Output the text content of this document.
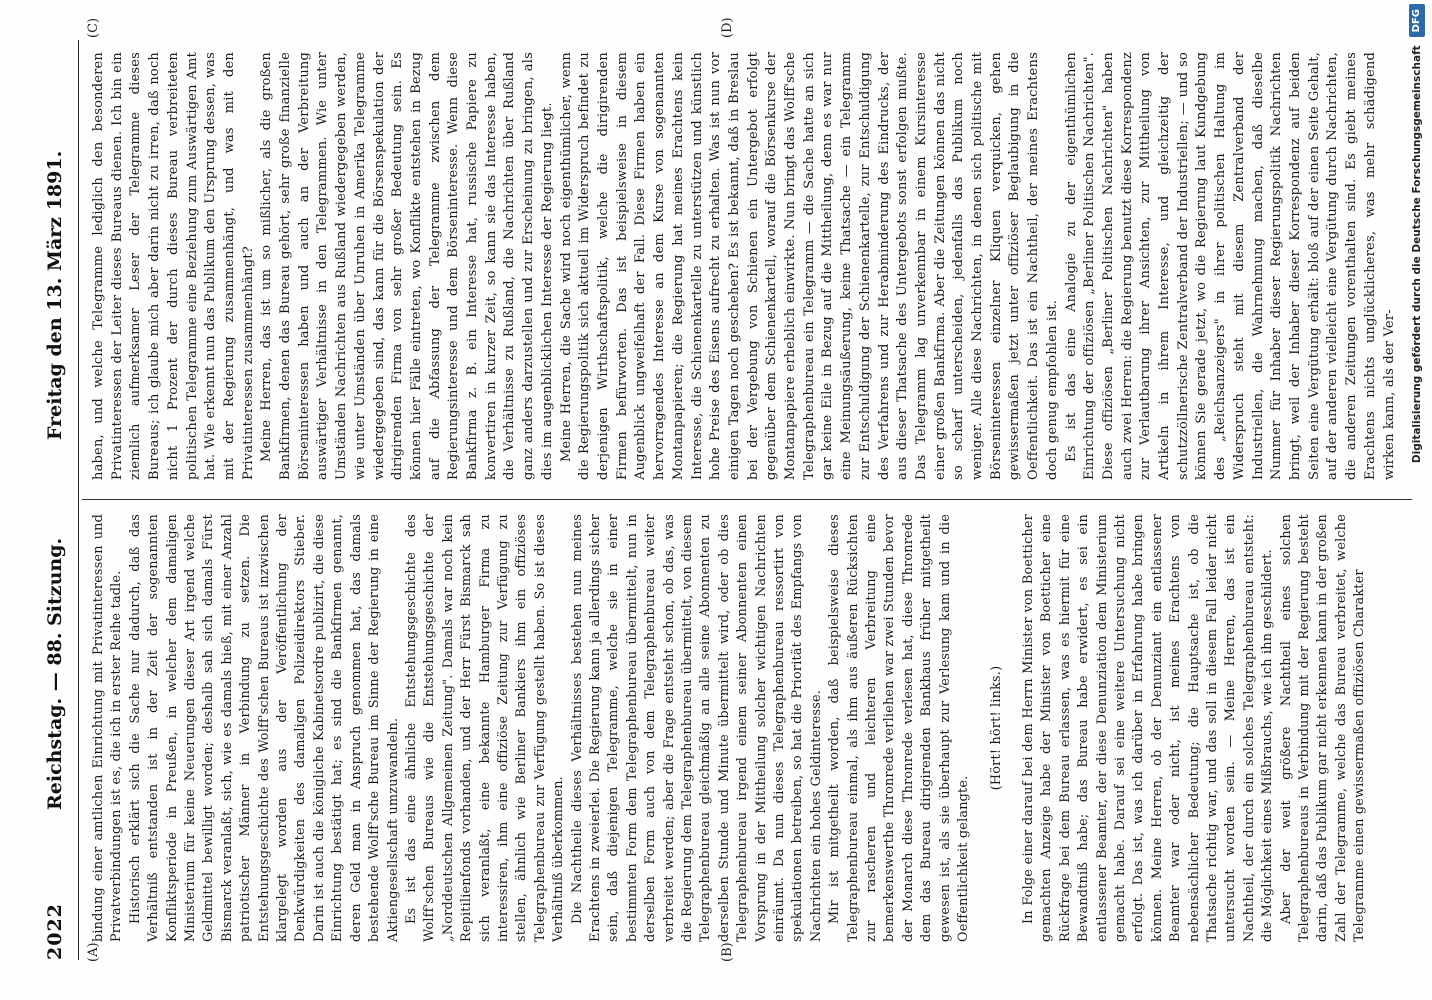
2022
Reichstag. — 88. Sitzung.
Freitag den 13. März 1891.
(A)	(B)
(C)	(D)

bindung einer amtlichen Einrichtung mit Privatinteressen und Privatverbindungen ist es, die ich in erster Reihe tadle. Historisch erklärt sich die Sache nur dadurch, daß das Verhältniß entstanden ist in der Zeit der sogenannten Konfliktsperiode in Preußen, in welcher dem damaligen Ministerium für keine Neuerungen dieser Art irgend welche Geldmittel bewilligt worden; deshalb sah sich damals Fürst Bismarck veranlaßt, sich, wie es damals hieß, mit einer Anzahl patriotischer Männer in Verbindung zu setzen. Die Entstehungsgeschichte des Wolff'schen Bureaus ist inzwischen klargelegt worden aus der Veröffentlichung der Denkwürdigkeiten des damaligen Polizeidirektors Stieber. Darin ist auch die königliche Kabinetsordre publizirt, die diese Einrichtung bestätigt hat; es sind die Bankfirmen genannt, deren Geld man in Anspruch genommen hat, das damals bestehende Wolff'sche Bureau im Sinne der Regierung in eine Aktiengesellschaft umzuwandeln. Es ist das eine ähnliche Entstehungsgeschichte des Wolff'schen Bureaus wie die Entstehungsgeschichte der „Norddeutschen Allgemeinen Zeitung". Damals war noch kein Repitilienfonds vorhanden, und der Herr Fürst Bismarck sah sich veranlaßt, eine bekannte Hamburger Firma zu interessiren, ihm eine offiziöse Zeitung zur Verfügung zu stellen, ähnlich wie Berliner Bankiers ihm ein offiziöses Telegraphenbureau zur Verfügung gestellt haben. So ist dieses Verhältniß überkommen. Die Nachtheile dieses Verhältnisses bestehen nun meines Erachtens in zweierlei. Die Regierung kann ja allerdings sicher sein, daß diejenigen Telegramme, welche sie in einer bestimmten Form dem Telegraphenbureau übermittelt, nun in derselben Form auch von dem Telegraphenbureau weiter verbreitet werden; aber die Frage entsteht schon, ob das, was die Regierung dem Telegraphenbureau übermittelt, von diesem Telegraphenbureau gleichmäßig an alle seine Abonnenten zu derselben Stunde und Minute übermittelt wird, oder ob dies Telegraphenbureau irgend einem seiner Abonnenten einen Vorsprung in der Mittheilung solcher wichtigen Nachrichten einräumt. Da nun dieses Telegraphenbureau ressortirt von spekulationen betreiben, so hat die Priorität des Empfangs von Nachrichten ein hohes Geldinteresse. Mir ist mitgetheilt worden, daß beispielsweise dieses Telegraphenbureau einmal, als ihm aus äußeren Rücksichten zur rascheren und leichteren Verbreitung eine bemerkenswerthe Thronrede verliehen war zwei Stunden bevor der Monarch diese Thronrede verlesen hat, diese Thronrede dem das Bureau dirigirenden Bankhaus früher mitgetheilt gewesen ist, als sie überhaupt zur Verlesung kam und in die Oeffentlichkeit gelangte.

(Hört! hört! links.) In Folge einer darauf bei dem Herrn Minister von Boetticher gemachten Anzeige habe der Minister von Boetticher eine Rückfrage bei dem Bureau erlassen, was es hiermit für eine Bewandtniß habe; das Bureau habe erwidert, es sei ein entlassener Beamter, der diese Denunziation dem Ministerium gemacht habe. Darauf sei eine weitere Untersuchung nicht erfolgt. Das ist, was ich darüber in Erfahrung habe bringen können. Meine Herren, ob der Denunziant ein entlassener Beamter war oder nicht, ist meines Erachtens von nebensächlicher Bedeutung; die Hauptsache ist, ob die Thatsache richtig war, und das soll in diesem Fall leider nicht untersucht worden sein. — Meine Herren, das ist ein Nachtheil, der durch ein solches Telegraphenbureau entsteht: die Möglichkeit eines Mißbrauchs, wie ich ihn geschildert. Aber der weit größere Nachtheil eines solchen Telegraphenbureaus in Verbindung mit der Regierung besteht darin, daß das Publikum gar nicht erkennen kann in der großen Zahl der Telegramme, welche das Bureau verbreitet, welche Telegramme einen gewissermaßen offiziösen Charakter

haben, und welche Telegramme lediglich den besonderen Privatinteressen der Leiter dieses Bureaus dienen. Ich bin ein ziemlich aufmerksamer Leser der Telegramme dieses Bureaus; ich glaube mich aber darin nicht zu irren, daß noch nicht 1 Prozent der durch dieses Bureau verbreiteten politischen Telegramme eine Beziehung zum Auswärtigen Amt hat. Wie erkennt nun das Publikum den Ursprung dessen, was mit der Regierung zusammenhängt, und was mit den Privatinteressen zusammenhängt? Meine Herren, das ist um so mißlicher, als die großen Bankfirmen, denen das Bureau gehört, sehr große finanzielle Börseninteressen haben und auch an der Verbreitung auswärtiger Verhältnisse in den Telegrammen. Wie unter Umständen Nachrichten aus Rußland wiedergegeben werden, wie unter Umständen über Unruhen in Amerika Telegramme wiedergegeben sind, das kann für die Börsenspekulation der dirigirenden Firma von sehr großer Bedeutung sein. Es können hier Fälle eintreten, wo Konflikte entstehen in Bezug auf die Abfassung der Telegramme zwischen dem Regierungsinteresse und dem Börseninteresse. Wenn diese Bankfirma z. B. ein Interesse hat, russische Papiere zu konvertiren in kurzer Zeit, so kann sie das Interesse haben, die Verhältnisse zu Rußland, die Nachrichten über Rußland ganz anders darzustellen und zur Erscheinung zu bringen, als dies im augenblicklichen Interesse der Regierung liegt. Meine Herren, die Sache wird noch eigenthümlicher, wenn die Regierungspolitik sich aktuell im Widerspruch befindet zu derjenigen Wirthschaftspolitik, welche die dirigirenden Firmen befürworten. Das ist beispielsweise in diesem Augenblick ungweifelhaft der Fall. Diese Firmen haben ein hervorragendes Interesse an dem Kurse von sogenannten Montanpapieren; die Regierung hat meines Erachtens kein Interesse, die Schienenkartelle zu unterstützen und künstlich hohe Preise des Eisens aufrecht zu erhalten. Was ist nun vor einigen Tagen noch geschehen? Es ist bekannt, daß in Breslau bei der Vergebung von Schienen ein Untergebot erfolgt gegenüber dem Schienenkartell, worauf die Börsenkurse der Montanpapiere erheblich einwirkte. Nun bringt das Wolff'sche Telegraphenbureau ein Telegramm — die Sache hatte an sich gar keine Eile in Bezug auf die Mittheilung, denn es war nur eine Meinungsäußerung, keine Thatsache — ein Telegramm zur Entschuldigung der Schienenkartelle, zur Entschuldigung des Verfahrens und zur Herabminderung des Eindrucks, der aus dieser Thatsache des Untergebots sonst erfolgen mußte. Das Telegramm lag unverkennbar in einem Kursinteresse einer großen Bankfirma. Aber die Zeitungen können das nicht so scharf unterscheiden, jedenfalls das Publikum noch weniger. Alle diese Nachrichten, in denen sich politische mit Börseninteressen einzelner Kliquen verquicken, gehen gewissermaßen jetzt unter offiziöser Beglaubigung in die Oeffentlichkeit. Das ist ein Nachtheil, der meines Erachtens doch genug empfohlen ist. Es ist das eine Analogie zu der eigenthümlichen Einrichtung der offiziösen „Berliner Politischen Nachrichten". Diese offiziösen „Berliner Politischen Nachrichten" haben auch zwei Herren: die Regierung benutzt diese Korrespondenz zur Verlautbarung ihrer Ansichten, zur Mittheilung von Artikeln in ihrem Interesse, und gleichzeitig der schutzzöllnerische Zentralverband der Industriellen; — und so können Sie gerade jetzt, wo die Regierung laut Kundgebung des „Reichsanzeigers" in ihrer politischen Haltung im Widerspruch steht mit diesem Zentralverband der Industriellen, die Wahrnehmung machen, daß dieselbe Nummer für Inhaber dieser Regierungspolitik Nachrichten bringt, weil der Inhaber dieser Korrespondenz auf beiden Seiten eine Vergütung erhält: bloß auf der einen Seite Gehalt, auf der anderen vielleicht eine Vergütung durch Nachrichten, die anderen Zeitungen vorenthalten sind. Es giebt meines Erachtens nichts unglücklicheres, was mehr schädigend wirken kann, als der Ver- Digitalisierung gefördert durch die Deutsche Forschungsgemeinschaft
DFG
